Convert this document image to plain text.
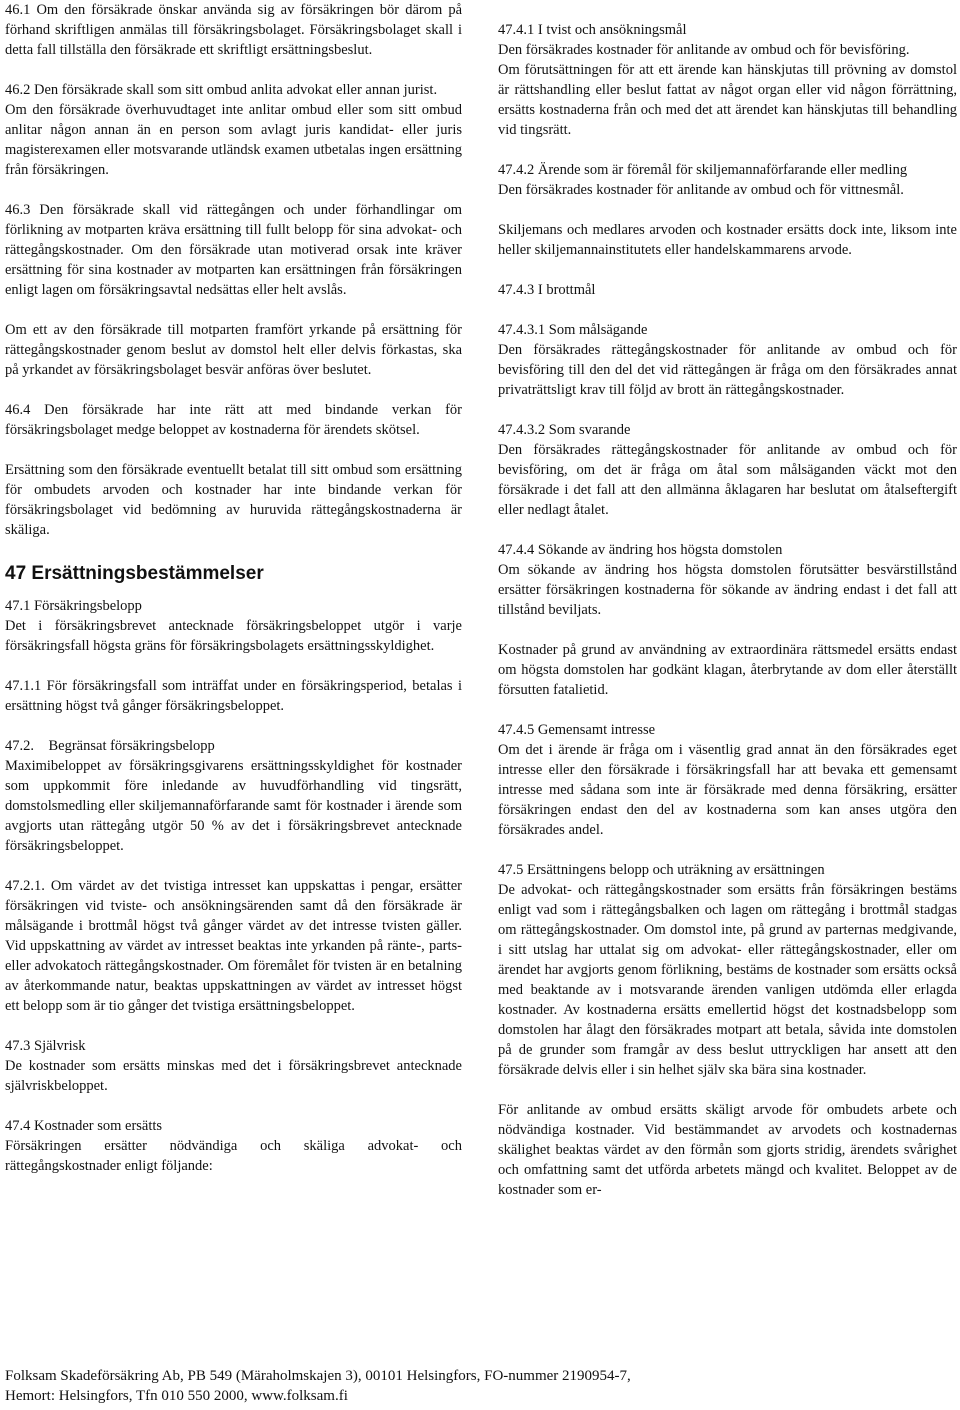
46.1 Om den försäkrade önskar använda sig av försäkringen bör därom på förhand skriftligen anmälas till försäkringsbolaget. Försäkringsbolaget skall i detta fall tillställa den försäkrade ett skriftligt ersättningsbeslut.

46.2 Den försäkrade skall som sitt ombud anlita advokat eller annan jurist.

Om den försäkrade överhuvudtaget inte anlitar ombud eller som sitt ombud anlitar någon annan än en person som avlagt juris kandidat- eller juris magisterexamen eller motsvarande utländsk examen utbetalas ingen ersättning från försäkringen.

46.3 Den försäkrade skall vid rättegången och under förhandlingar om förlikning av motparten kräva ersättning till fullt belopp för sina advokat- och rättegångskostnader. Om den försäkrade utan motiverad orsak inte kräver ersättning för sina kostnader av motparten kan ersättningen från försäkringen enligt lagen om försäkringsavtal nedsättas eller helt avslås.

Om ett av den försäkrade till motparten framfört yrkande på ersättning för rättegångskostnader genom beslut av domstol helt eller delvis förkastas, ska på yrkandet av försäkringsbolaget besvär anföras över beslutet.

46.4 Den försäkrade har inte rätt att med bindande verkan för försäkringsbolaget medge beloppet av kostnaderna för ärendets skötsel.

Ersättning som den försäkrade eventuellt betalat till sitt ombud som ersättning för ombudets arvoden och kostnader har inte bindande verkan för försäkringsbolaget vid bedömning av huruvida rättegångskostnaderna är skäliga.

47 Ersättningsbestämmelser

47.1 Försäkringsbelopp

Det i försäkringsbrevet antecknade försäkringsbeloppet utgör i varje försäkringsfall högsta gräns för försäkringsbolagets ersättningsskyldighet.

47.1.1 För försäkringsfall som inträffat under en försäkringsperiod, betalas i ersättning högst två gånger försäkringsbeloppet.

47.2.    Begränsat försäkringsbelopp

Maximibeloppet av försäkringsgivarens ersättningsskyldighet för kostnader som uppkommit före inledande av huvudförhandling vid tingsrätt, domstolsmedling eller skiljemannaförfarande samt för kostnader i ärende som avgjorts utan rättegång utgör 50 % av det i försäkringsbrevet antecknade försäkringsbeloppet.

47.2.1. Om värdet av det tvistiga intresset kan uppskattas i pengar, ersätter försäkringen vid tviste- och ansökningsärenden samt då den försäkrade är målsägande i brottmål högst två gånger värdet av det intresse tvisten gäller. Vid uppskattning av värdet av intresset beaktas inte yrkanden på ränte-, parts- eller advokatoch rättegångskostnader. Om föremålet för tvisten är en betalning av återkommande natur, beaktas uppskattningen av värdet av intresset högst ett belopp som är tio gånger det tvistiga ersättningsbeloppet.

47.3 Självrisk

De kostnader som ersätts minskas med det i försäkringsbrevet antecknade självriskbeloppet.

47.4 Kostnader som ersätts

Försäkringen ersätter nödvändiga och skäliga advokat- och rättegångskostnader enligt följande:

47.4.1 I tvist och ansökningsmål

Den försäkrades kostnader för anlitande av ombud och för bevisföring.

Om förutsättningen för att ett ärende kan hänskjutas till prövning av domstol är rättshandling eller beslut fattat av något organ eller vid någon förrättning, ersätts kostnaderna från och med det att ärendet kan hänskjutas till behandling vid tingsrätt.

47.4.2 Ärende som är föremål för skiljemannaförfarande eller medling

Den försäkrades kostnader för anlitande av ombud och för vittnesmål.

Skiljemans och medlares arvoden och kostnader ersätts dock inte, liksom inte heller skiljemannainstitutets eller handelskammarens arvode.

47.4.3 I brottmål

47.4.3.1 Som målsägande

Den försäkrades rättegångskostnader för anlitande av ombud och för bevisföring till den del det vid rättegången är fråga om den försäkrades annat privaträttsligt krav till följd av brott än rättegångskostnader.

47.4.3.2 Som svarande

Den försäkrades rättegångskostnader för anlitande av ombud och för bevisföring, om det är fråga om åtal som målsäganden väckt mot den försäkrade i det fall att den allmänna åklagaren har beslutat om åtalseftergift eller nedlagt åtalet.

47.4.4 Sökande av ändring hos högsta domstolen

Om sökande av ändring hos högsta domstolen förutsätter besvärstillstånd ersätter försäkringen kostnaderna för sökande av ändring endast i det fall att tillstånd beviljats.

Kostnader på grund av användning av extraordinära rättsmedel ersätts endast om högsta domstolen har godkänt klagan, återbrytande av dom eller återställt försutten fatalietid.

47.4.5 Gemensamt intresse

Om det i ärende är fråga om i väsentlig grad annat än den försäkrades eget intresse eller den försäkrade i försäkringsfall har att bevaka ett gemensamt intresse med sådana som inte är försäkrade med denna försäkring, ersätter försäkringen endast den del av kostnaderna som kan anses utgöra den försäkrades andel.

47.5 Ersättningens belopp och uträkning av ersättningen

De advokat- och rättegångskostnader som ersätts från försäkringen bestäms enligt vad som i rättegångsbalken och lagen om rättegång i brottmål stadgas om rättegångskostnader. Om domstol inte, på grund av parternas medgivande, i sitt utslag har uttalat sig om advokat- eller rättegångskostnader, eller om ärendet har avgjorts genom förlikning, bestäms de kostnader som ersätts också med beaktande av i motsvarande ärenden vanligen utdömda eller erlagda kostnader. Av kostnaderna ersätts emellertid högst det kostnadsbelopp som domstolen har ålagt den försäkrades motpart att betala, såvida inte domstolen på de grunder som framgår av dess beslut uttryckligen har ansett att den försäkrade delvis eller i sin helhet själv ska bära sina kostnader.

För anlitande av ombud ersätts skäligt arvode för ombudets arbete och nödvändiga kostnader. Vid bestämmandet av arvodets och kostnadernas skälighet beaktas värdet av den förmån som gjorts stridig, ärendets svårighet och omfattning samt det utförda arbetets mängd och kvalitet. Beloppet av de kostnader som er-

Folksam Skadeförsäkring Ab, PB 549 (Märaholmskajen 3), 00101 Helsingfors, FO-nummer 2190954-7,
Hemort: Helsingfors, Tfn 010 550 2000, www.folksam.fi
